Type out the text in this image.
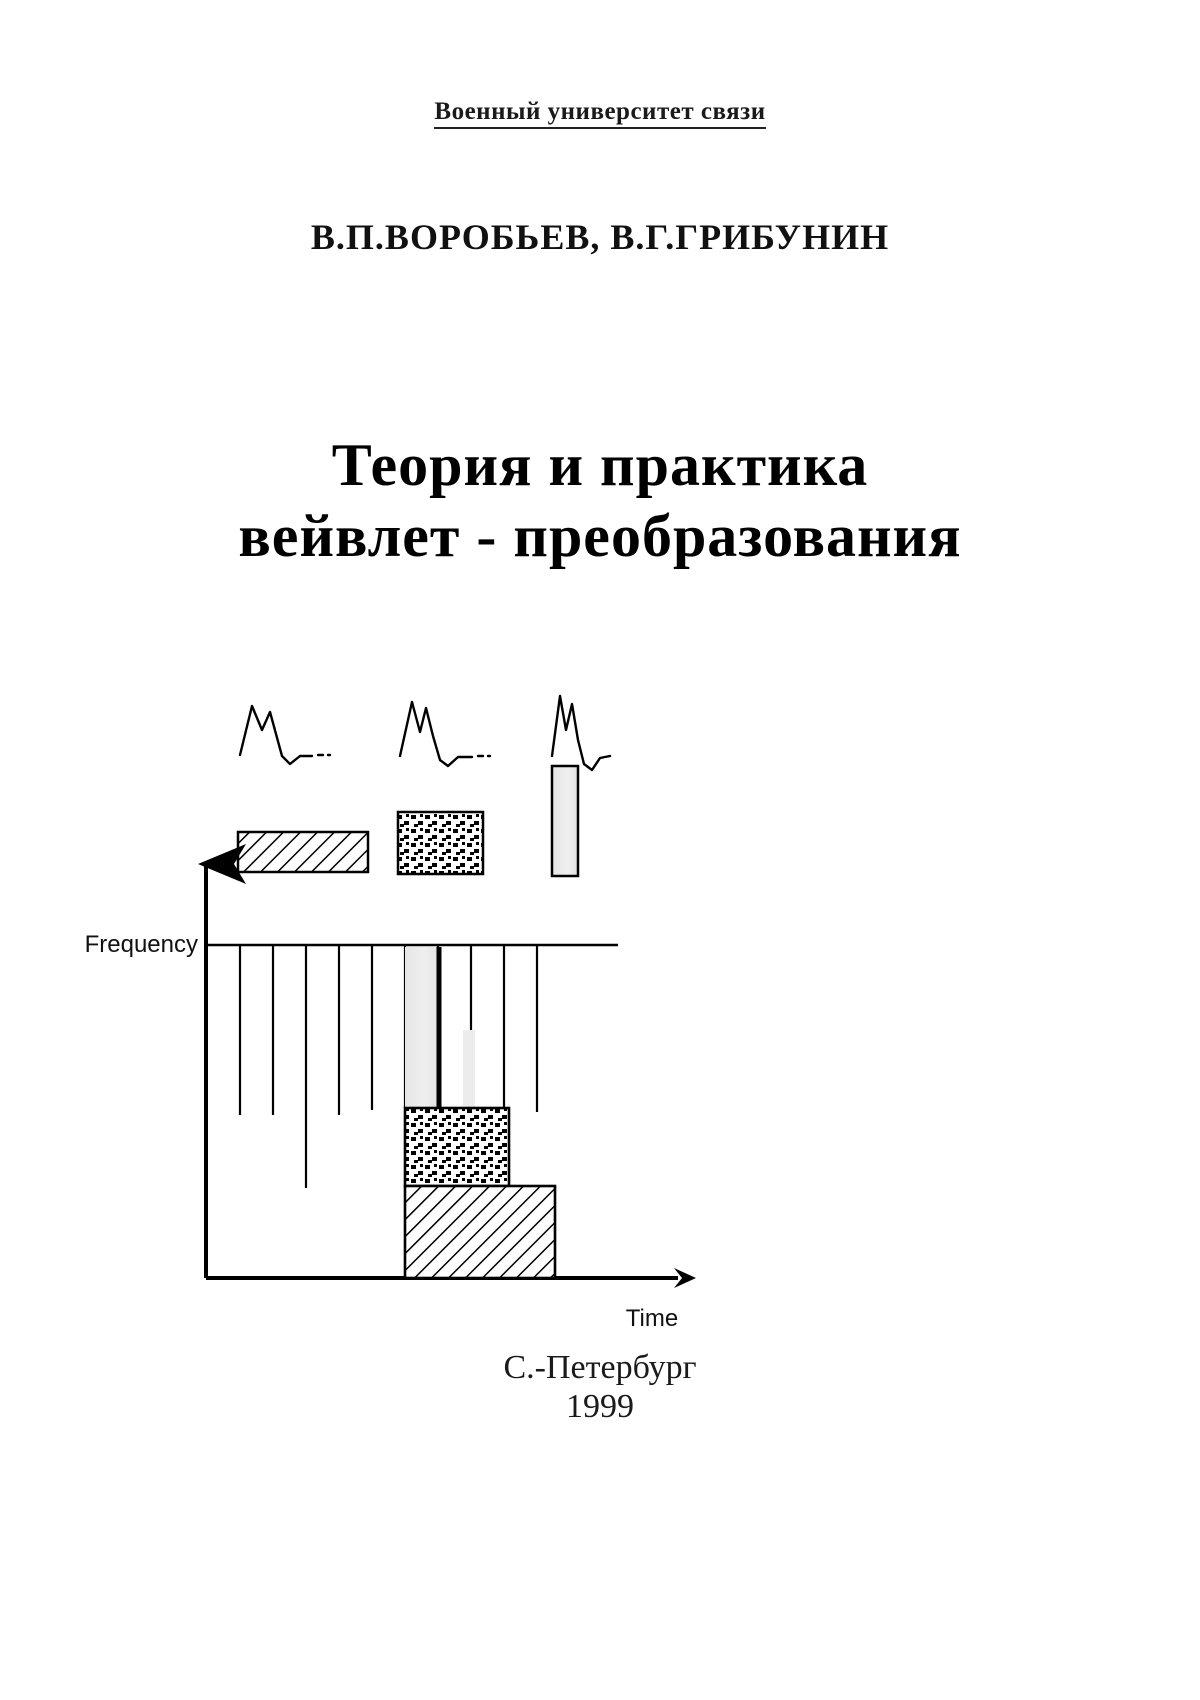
Военный университет связи
В.П.ВОРОБЬЕВ, В.Г.ГРИБУНИН
Теория и практика
вейвлет - преобразования
Frequency
Time
С.-Петербург
1999
